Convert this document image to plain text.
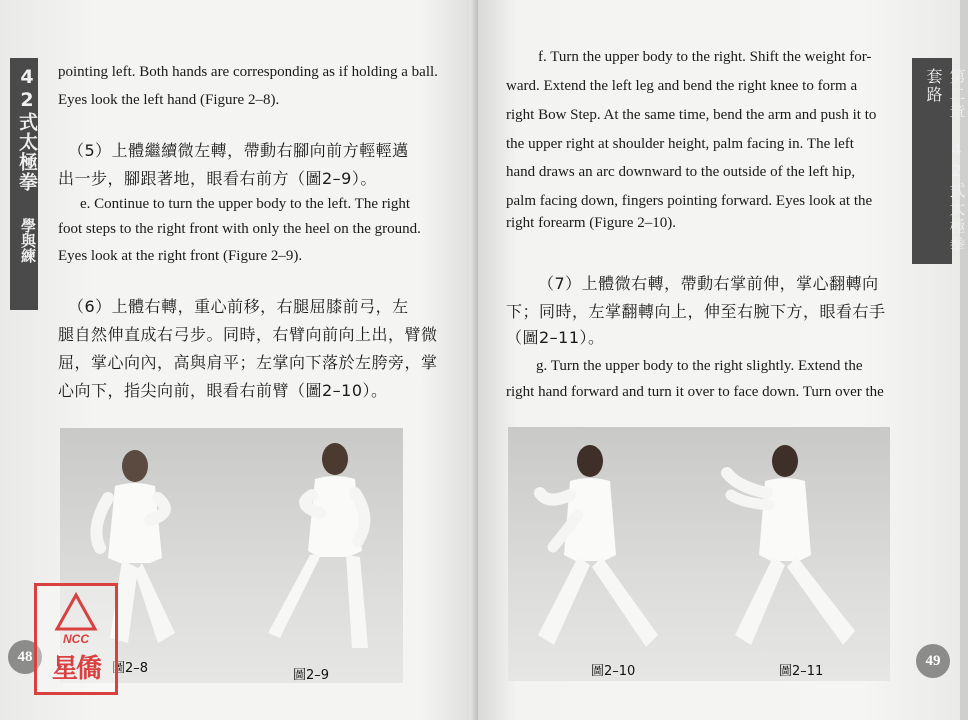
42式太極拳
學與練
pointing left. Both hands are corresponding as if holding a ball.
Eyes look the left hand (Figure 2–8).
（5）上體繼續微左轉，帶動右腳向前方輕輕邁
出一步，腳跟著地，眼看右前方（圖2–9）。
e. Continue to turn the upper body to the left. The right
foot steps to the right front with only the heel on the ground.
Eyes look at the right front (Figure 2–9).
（6）上體右轉，重心前移，右腿屈膝前弓，左
腿自然伸直成右弓步。同時，右臂向前向上出，臂微
屈，掌心向內，高與肩平；左掌向下落於左胯旁，掌
心向下，指尖向前，眼看右前臂（圖2–10）。
圖2–8	圖2–9
48
f. Turn the upper body to the right. Shift the weight for-
ward. Extend the left leg and bend the right knee to form a
right Bow Step. At the same time, bend the arm and push it to
the upper right at shoulder height, palm facing in. The left
hand draws an arc downward to the outside of the left hip,
palm facing down, fingers pointing forward. Eyes look at the
right forearm (Figure 2–10).
（7）上體微右轉，帶動右掌前伸，掌心翻轉向
下；同時，左掌翻轉向上，伸至右腕下方，眼看右手
（圖2–11）。
g. Turn the upper body to the right slightly. Extend the
right hand forward and turn it over to face down. Turn over the
圖2–10	圖2–11
49
第二章　42式太極拳套路
NCC
星僑
